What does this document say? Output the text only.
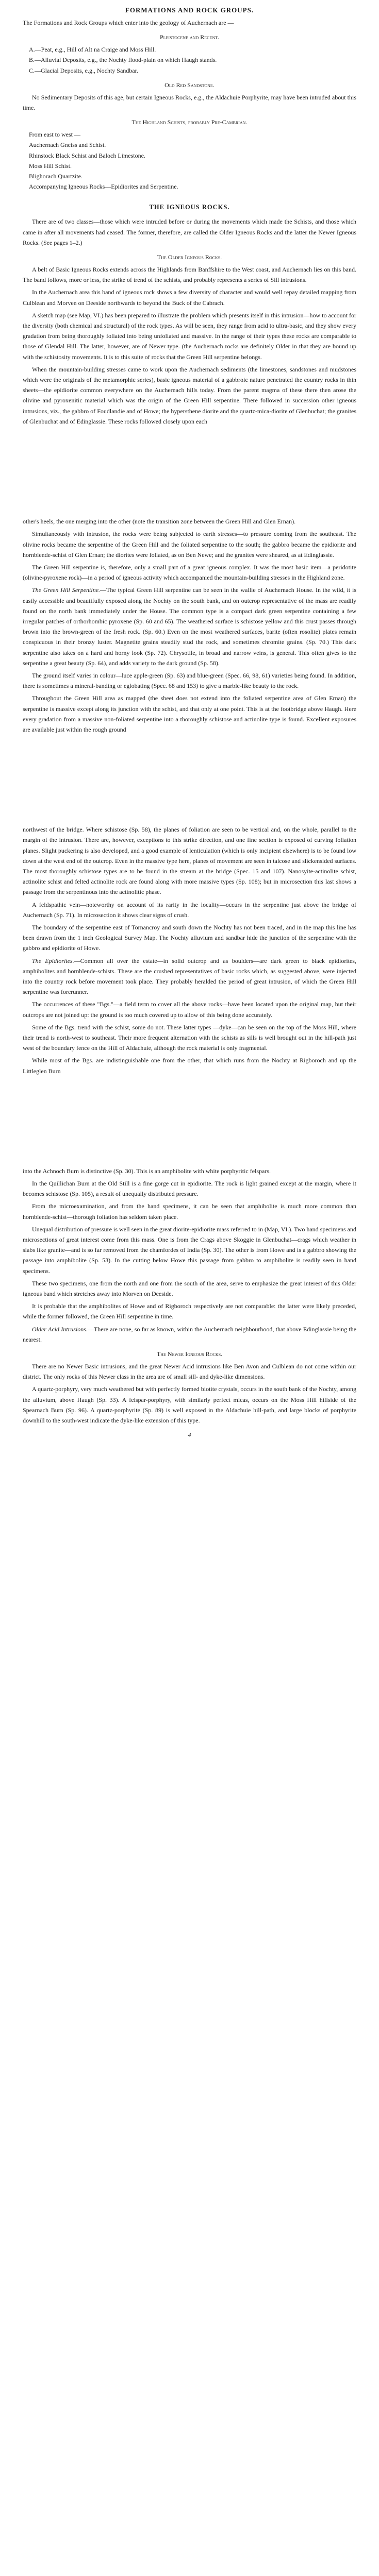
FORMATIONS AND ROCK GROUPS.

The Formations and Rock Groups which enter into the geology of Auchernach are —

Pleistocene and Recent.
A.—Peat, e.g., Hill of Alt na Craige and Moss Hill.
B.—Alluvial Deposits, e.g., the Nochty flood-plain on which Haugh stands.
C.—Glacial Deposits, e.g., Nochty Sandbar.
Old Red Sandstone.

No Sedimentary Deposits of this age, but certain Igneous Rocks, e.g., the Aldachuie Porphyrite, may have been intruded about this time.

The Highland Schists, probably Pre-Cambrian.
From east to west —
Auchernach Gneiss and Schist.
Rhinstock Black Schist and Baloch Limestone.
Moss Hill Schist.
Blighorach Quartzite.
Accompanying Igneous Rocks—Epidiorites and Serpentine.
THE IGNEOUS ROCKS.

There are of two classes—those which were intruded before or during the movements which made the Schists, and those which came in after all movements had ceased. The former, therefore, are called the Older Igneous Rocks and the latter the Newer Igneous Rocks. (See pages 1–2.)

The Older Igneous Rocks.

A belt of Basic Igneous Rocks extends across the Highlands from Banffshire to the West coast, and Auchernach lies on this band. The band follows, more or less, the strike of trend of the schists, and probably represents a series of Sill intrusions.

In the Auchernach area this band of igneous rock shows a few diversity of character and would well repay detailed mapping from Culblean and Morven on Deeside northwards to beyond the Buck of the Cabrach.

A sketch map (see Map, VI.) has been prepared to illustrate the problem which presents itself in this intrusion—how to account for the diversity (both chemical and structural) of the rock types. As will be seen, they range from acid to ultra-basic, and they show every gradation from being thoroughly foliated into being unfoliated and massive. In the range of their types these rocks are comparable to those of Glendal Hill. The latter, however, are of Newer type. (the Auchernach rocks are definitely Older in that they are bound up with the schistosity movements. It is to this suite of rocks that the Green Hill serpentine belongs.

When the mountain-building stresses came to work upon the Auchernach sediments (the limestones, sandstones and mudstones which were the originals of the metamorphic series), basic igneous material of a gabbroic nature penetrated the country rocks in thin sheets—the epidiorite common everywhere on the Auchernach hills today. From the parent magma of these there then arose the olivine and pyroxenitic material which was the origin of the Green Hill serpentine. There followed in succession other igneous intrusions, viz., the gabbro of Foudlandie and of Howe; the hypersthene diorite and the quartz-mica-diorite of Glenbuchat; the granites of Glenbuchat and of Edinglassie. These rocks followed closely upon each

other's heels, the one merging into the other (note the transition zone between the Green Hill and Glen Ernan).

Simultaneously with intrusion, the rocks were being subjected to earth stresses—to pressure coming from the southeast. The olivine rocks became the serpentine of the Green Hill and the foliated serpentine to the south; the gabbro became the epidiorite and hornblende-schist of Glen Ernan; the diorites were foliated, as on Ben Newe; and the granites were sheared, as at Edinglassie.

The Green Hill serpentine is, therefore, only a small part of a great igneous complex. It was the most basic item—a peridotite (olivine-pyroxene rock)—in a period of igneous activity which accompanied the mountain-building stresses in the Highland zone.

The Green Hill Serpentine.—The typical Green Hill serpentine can be seen in the wallie of Auchernach House. In the wild, it is easily accessible and beautifully exposed along the Nochty on the south bank, and on outcrop representative of the mass are readily found on the north bank immediately under the House. The common type is a compact dark green serpentine containing a few irregular patches of orthorhombic pyroxene (Sp. 60 and 65). The weathered surface is schistose yellow and this crust passes through brown into the brown-green of the fresh rock. (Sp. 60.) Even on the most weathered surfaces, barite (often rosolite) plates remain conspicuous in their bronzy luster. Magnetite grains steadily stud the rock, and sometimes chromite grains. (Sp. 70.) This dark serpentine also takes on a hard and horny look (Sp. 72). Chrysotile, in broad and narrow veins, is general. This often gives to the serpentine a great beauty (Sp. 64), and adds variety to the dark ground (Sp. 58).

The ground itself varies in colour—luce apple-green (Sp. 63) and blue-green (Spec. 66, 98, 61) varieties being found. In addition, there is sometimes a mineral-banding or eglobating (Spec. 68 and 153) to give a marble-like beauty to the rock.

Throughout the Green Hill area as mapped (the sheet does not extend into the foliated serpentine area of Glen Ernan) the serpentine is massive except along its junction with the schist, and that only at one point. This is at the footbridge above Haugh. Here every gradation from a massive non-foliated serpentine into a thoroughly schistose and actinolite type is found. Excellent exposures are available just within the rough ground

northwest of the bridge. Where schistose (Sp. 58), the planes of foliation are seen to be vertical and, on the whole, parallel to the margin of the intrusion. There are, however, exceptions to this strike direction, and one fine section is exposed of curving foliation planes. Slight puckering is also developed, and a good example of lenticulation (which is only incipient elsewhere) is to be found low down at the west end of the outcrop. Even in the massive type here, planes of movement are seen in talcose and slickensided surfaces. The most thoroughly schistose types are to be found in the stream at the bridge (Spec. 15 and 107). Nanosyite-actinolite schist, actinolite schist and felted actinolite rock are found along with more massive types (Sp. 108); but in microsection this last shows a passage from the serpentinous into the actinolitic phase.

A feldspathic vein—noteworthy on account of its rarity in the locality—occurs in the serpentine just above the bridge of Auchernach (Sp. 71). In microsection it shows clear signs of crush.

The boundary of the serpentine east of Tornancroy and south down the Nochty has not been traced, and in the map this line has been drawn from the 1 inch Geological Survey Map. The Nochty alluvium and sandbar hide the junction of the serpentine with the gabbro and epidiorite of Howe.

The Epidiorites.—Common all over the estate—in solid outcrop and as boulders—are dark green to black epidiorites, amphibolites and hornblende-schists. These are the crushed representatives of basic rocks which, as suggested above, were injected into the country rock before movement took place. They probably heralded the period of great intrusion, of which the Green Hill serpentine was forerunner.

The occurrences of these "Bgs."—a field term to cover all the above rocks—have been located upon the original map, but their outcrops are not joined up: the ground is too much covered up to allow of this being done accurately.

Some of the Bgs. trend with the schist, some do not. These latter types —dyke—can be seen on the top of the Moss Hill, where their trend is north-west to southeast. Their more frequent alternation with the schists as sills is well brought out in the hill-path just west of the boundary fence on the Hill of Aldachuie, although the rock material is only fragmental.

While most of the Bgs. are indistinguishable one from the other, that which runs from the Nochty at Rigboroch and up the Littleglen Burn

into the Achnoch Burn is distinctive (Sp. 30). This is an amphibolite with white porphyritic felspars.

In the Quillichan Burn at the Old Still is a fine gorge cut in epidiorite. The rock is light grained except at the margin, where it becomes schistose (Sp. 105), a result of unequally distributed pressure.

From the microexamination, and from the hand specimens, it can be seen that amphibolite is much more common than hornblende-schist—thorough foliation has seldom taken place.

Unequal distribution of pressure is well seen in the great diorite-epidiorite mass referred to in (Map, VI.). Two hand specimens and microsections of great interest come from this mass. One is from the Crags above Skoggie in Glenbuchat—crags which weather in slabs like granite—and is so far removed from the chamfordes of India (Sp. 30). The other is from Howe and is a gabbro showing the passage into amphibolite (Sp. 53). In the cutting below Howe this passage from gabbro to amphibolite is readily seen in hand specimens.

These two specimens, one from the north and one from the south of the area, serve to emphasize the great interest of this Older igneous band which stretches away into Morven on Deeside.

It is probable that the amphibolites of Howe and of Rigboroch respectively are not comparable: the latter were likely preceded, while the former followed, the Green Hill serpentine in time.

Older Acid Intrusions.—There are none, so far as known, within the Auchernach neighbourhood, that above Edinglassie being the nearest.

The Newer Igneous Rocks.

There are no Newer Basic intrusions, and the great Newer Acid intrusions like Ben Avon and Culblean do not come within our district. The only rocks of this Newer class in the area are of small sill- and dyke-like dimensions.

A quartz-porphyry, very much weathered but with perfectly formed biotite crystals, occurs in the south bank of the Nochty, among the alluvium, above Haugh (Sp. 33). A felspar-porphyry, with similarly perfect micas, occurs on the Moss Hill hillside of the Spearnach Burn (Sp. 96). A quartz-porphyrite (Sp. 89) is well exposed in the Aldachuie hill-path, and large blocks of porphyrite downhill to the south-west indicate the dyke-like extension of this type.

4
